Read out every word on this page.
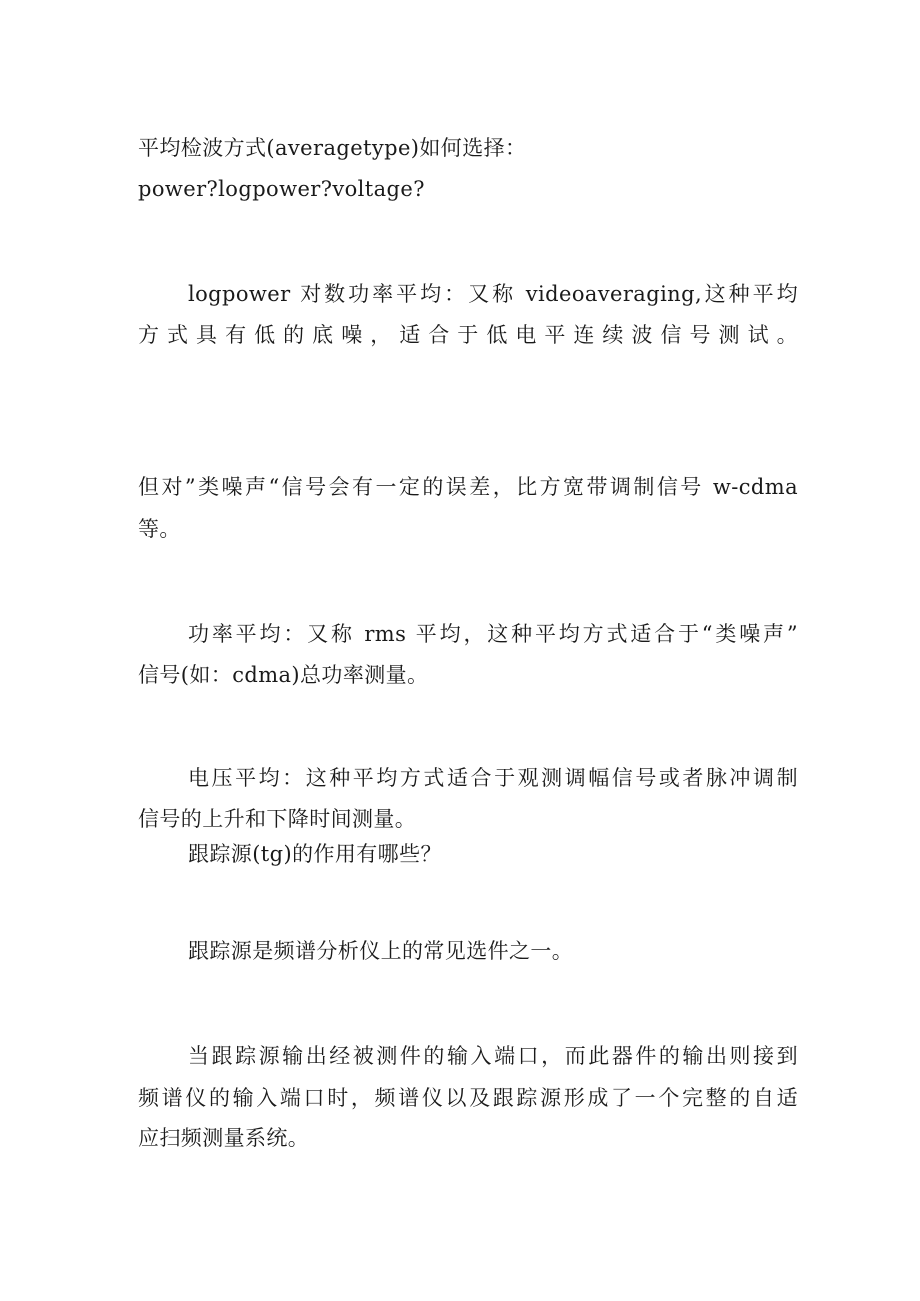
平均检波方式(averagetype)如何选择：
power?logpower?voltage?
logpower 对数功率平均：又称 videoaveraging,这种平均
方式具有低的底噪，适合于低电平连续波信号测试。
但对”类噪声“信号会有一定的误差，比方宽带调制信号 w-cdma
等。
功率平均：又称 rms 平均，这种平均方式适合于“类噪声”
信号(如：cdma)总功率测量。
电压平均：这种平均方式适合于观测调幅信号或者脉冲调制
信号的上升和下降时间测量。
跟踪源(tg)的作用有哪些？
跟踪源是频谱分析仪上的常见选件之一。
当跟踪源输出经被测件的输入端口，而此器件的输出则接到
频谱仪的输入端口时，频谱仪以及跟踪源形成了一个完整的自适
应扫频测量系统。
